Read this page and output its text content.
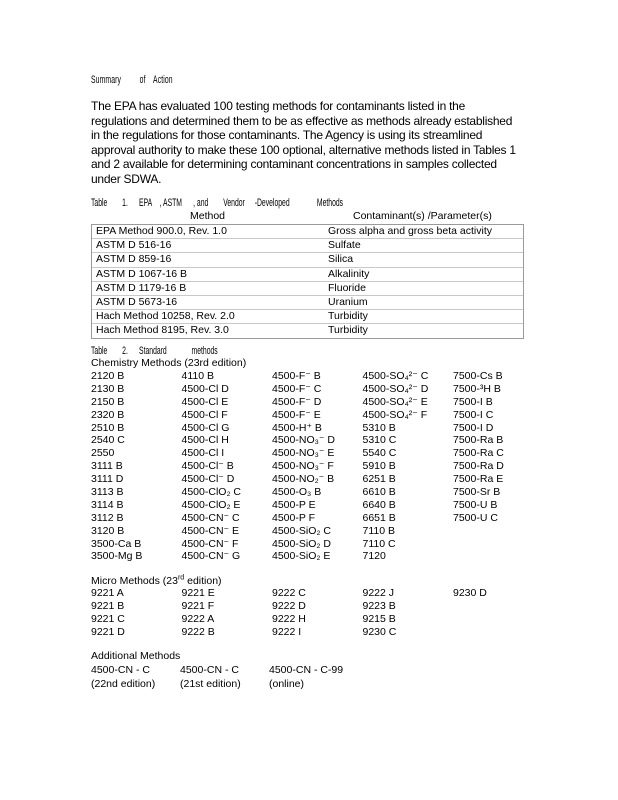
Summary of Action
The EPA has evaluated 100 testing methods for contaminants listed in the regulations and determined them to be as effective as methods already established in the regulations for those contaminants. The Agency is using its streamlined approval authority to make these 100 optional, alternative methods listed in Tables 1 and 2 available for determining contaminant concentrations in samples collected under SDWA.
Table 1. EPA , ASTM , and Vendor -Developed Methods
Method	Contaminant(s) /Parameter(s)
EPA Method 900.0, Rev. 1.0	Gross alpha and gross beta activity
ASTM D 516-16	Sulfate
ASTM D 859-16	Silica
ASTM D 1067-16 B	Alkalinity
ASTM D 1179-16 B	Fluoride
ASTM D 5673-16	Uranium
Hach Method 10258, Rev. 2.0	Turbidity
Hach Method 8195, Rev. 3.0	Turbidity
Table 2. Standard methods
Chemistry Methods (23rd edition)
2120 B	4110 B	4500-F⁻ B	4500-SO₄²⁻ C	7500-Cs B
2130 B	4500-Cl D	4500-F⁻ C	4500-SO₄²⁻ D	7500-³H B
2150 B	4500-Cl E	4500-F⁻ D	4500-SO₄²⁻ E	7500-I B
2320 B	4500-Cl F	4500-F⁻ E	4500-SO₄²⁻ F	7500-I C
2510 B	4500-Cl G	4500-H⁺ B	5310 B	7500-I D
2540 C	4500-Cl H	4500-NO₃⁻ D	5310 C	7500-Ra B
2550	4500-Cl I	4500-NO₃⁻ E	5540 C	7500-Ra C
3111 B	4500-Cl⁻ B	4500-NO₃⁻ F	5910 B	7500-Ra D
3111 D	4500-Cl⁻ D	4500-NO₂⁻ B	6251 B	7500-Ra E
3113 B	4500-ClO₂ C	4500-O₃ B	6610 B	7500-Sr B
3114 B	4500-ClO₂ E	4500-P E	6640 B	7500-U B
3112 B	4500-CN⁻ C	4500-P F	6651 B	7500-U C
3120 B	4500-CN⁻ E	4500-SiO₂ C	7110 B
3500-Ca B	4500-CN⁻ F	4500-SiO₂ D	7110 C
3500-Mg B	4500-CN⁻ G	4500-SiO₂ E	7120
Micro Methods (23rd edition)
9221 A	9221 E	9222 C	9222 J	9230 D
9221 B	9221 F	9222 D	9223 B
9221 C	9222 A	9222 H	9215 B
9221 D	9222 B	9222 I	9230 C
Additional Methods
4500-CN - C	4500-CN - C	4500-CN - C-99
(22nd edition)	(21st edition)	(online)
